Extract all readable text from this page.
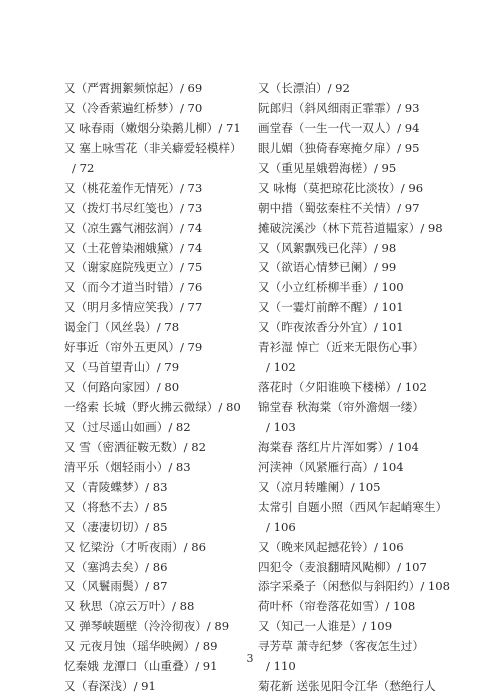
又（严霄拥絮频惊起）/ 69
又（冷香萦遍红桥梦）/ 70
又 咏春雨（嫩烟分染鹅儿柳）/ 71
又 塞上咏雪花（非关癖爱轻模样）
/ 72
又（桃花羞作无情死）/ 73
又（拨灯书尽红笺也）/ 73
又（凉生露气湘弦润）/ 74
又（土花曾染湘娥黛）/ 74
又（谢家庭院残更立）/ 75
又（而今才道当时错）/ 76
又（明月多情应笑我）/ 77
谒金门（风丝袅）/ 78
好事近（帘外五更风）/ 79
又（马首望青山）/ 79
又（何路向家园）/ 80
一络索 长城（野火拂云微绿）/ 80
又（过尽遥山如画）/ 82
又 雪（密洒征鞍无数）/ 82
清平乐（烟轻雨小）/ 83
又（青陵蝶梦）/ 83
又（将愁不去）/ 85
又（凄凄切切）/ 85
又 忆梁汾（才听夜雨）/ 86
又（塞鸿去矣）/ 86
又（风鬟雨鬓）/ 87
又 秋思（凉云万叶）/ 88
又 弹琴峡题壁（泠泠彻夜）/ 89
又 元夜月蚀（瑶华映阙）/ 89
忆秦娥 龙潭口（山重叠）/ 91
又（春深浅）/ 91
又（长漂泊）/ 92
阮郎归（斜风细雨正霏霏）/ 93
画堂春（一生一代一双人）/ 94
眼儿媚（独倚春寒掩夕扉）/ 95
又（重见星娥碧海槎）/ 95
又 咏梅（莫把琼花比淡妆）/ 96
朝中措（蜀弦秦柱不关情）/ 97
摊破浣溪沙（林下荒苔道韫家）/ 98
又（风絮飘残已化萍）/ 98
又（欲语心情梦已阑）/ 99
又（小立红桥柳半垂）/ 100
又（一霎灯前醉不醒）/ 101
又（昨夜浓香分外宜）/ 101
青衫湿 悼亡（近来无限伤心事）
/ 102
落花时（夕阳谁唤下楼梯）/ 102
锦堂春 秋海棠（帘外澹烟一缕）
/ 103
海棠春 落红片片浑如雾）/ 104
河渎神（风紧雁行高）/ 104
又（凉月转雕阑）/ 105
太常引 自题小照（西风乍起峭寒生）
/ 106
又（晚来风起撼花铃）/ 106
四犯令（麦浪翻晴风飐柳）/ 107
添字采桑子（闲愁似与斜阳约）/ 108
荷叶杯（帘卷落花如雪）/ 108
又（知己一人谁是）/ 109
寻芳草 萧寺纪梦（客夜怎生过）
/ 110
菊花新 送张见阳令江华（愁绝行人
3
